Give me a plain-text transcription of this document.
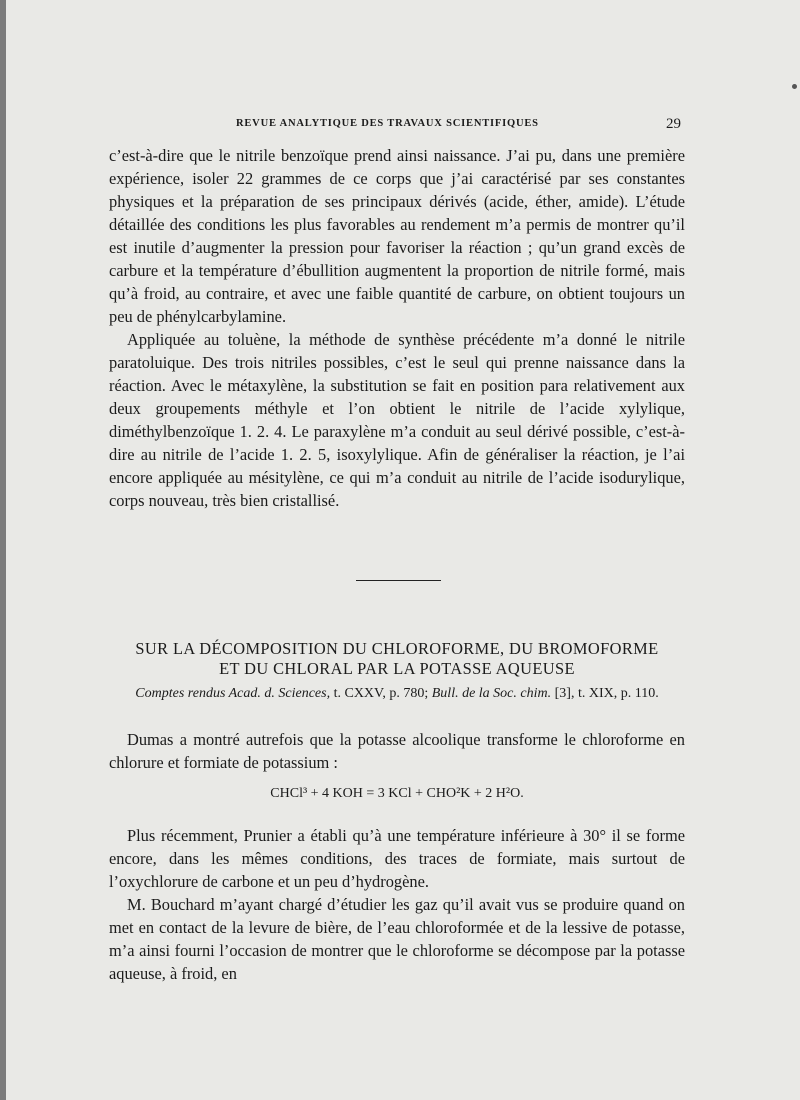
REVUE ANALYTIQUE DES TRAVAUX SCIENTIFIQUES	29

c’est-à-dire que le nitrile benzoïque prend ainsi naissance. J’ai pu, dans une première expérience, isoler 22 grammes de ce corps que j’ai caractérisé par ses constantes physiques et la préparation de ses principaux dérivés (acide, éther, amide). L’étude détaillée des conditions les plus favorables au rendement m’a permis de montrer qu’il est inutile d’augmenter la pression pour favoriser la réaction ; qu’un grand excès de carbure et la température d’ébullition augmentent la proportion de nitrile formé, mais qu’à froid, au contraire, et avec une faible quantité de carbure, on obtient toujours un peu de phénylcarbylamine.

Appliquée au toluène, la méthode de synthèse précédente m’a donné le nitrile paratoluique. Des trois nitriles possibles, c’est le seul qui prenne naissance dans la réaction. Avec le métaxylène, la substitution se fait en position para relativement aux deux groupements méthyle et l’on obtient le nitrile de l’acide xylylique, diméthylbenzoïque 1. 2. 4. Le paraxylène m’a conduit au seul dérivé possible, c’est-à-dire au nitrile de l’acide 1. 2. 5, isoxylylique. Afin de généraliser la réaction, je l’ai encore appliquée au mésitylène, ce qui m’a conduit au nitrile de l’acide isodurylique, corps nouveau, très bien cristallisé.

SUR LA DÉCOMPOSITION DU CHLOROFORME, DU BROMOFORME
ET DU CHLORAL PAR LA POTASSE AQUEUSE
Comptes rendus Acad. d. Sciences, t. CXXV, p. 780; Bull. de la Soc. chim. [3], t. XIX, p. 110.

Dumas a montré autrefois que la potasse alcoolique transforme le chloroforme en chlorure et formiate de potassium :

CHCl³ + 4 KOH = 3 KCl + CHO²K + 2 H²O.

Plus récemment, Prunier a établi qu’à une température inférieure à 30° il se forme encore, dans les mêmes conditions, des traces de formiate, mais surtout de l’oxychlorure de carbone et un peu d’hydrogène.

M. Bouchard m’ayant chargé d’étudier les gaz qu’il avait vus se produire quand on met en contact de la levure de bière, de l’eau chloroformée et de la lessive de potasse, m’a ainsi fourni l’occasion de montrer que le chloroforme se décompose par la potasse aqueuse, à froid, en
